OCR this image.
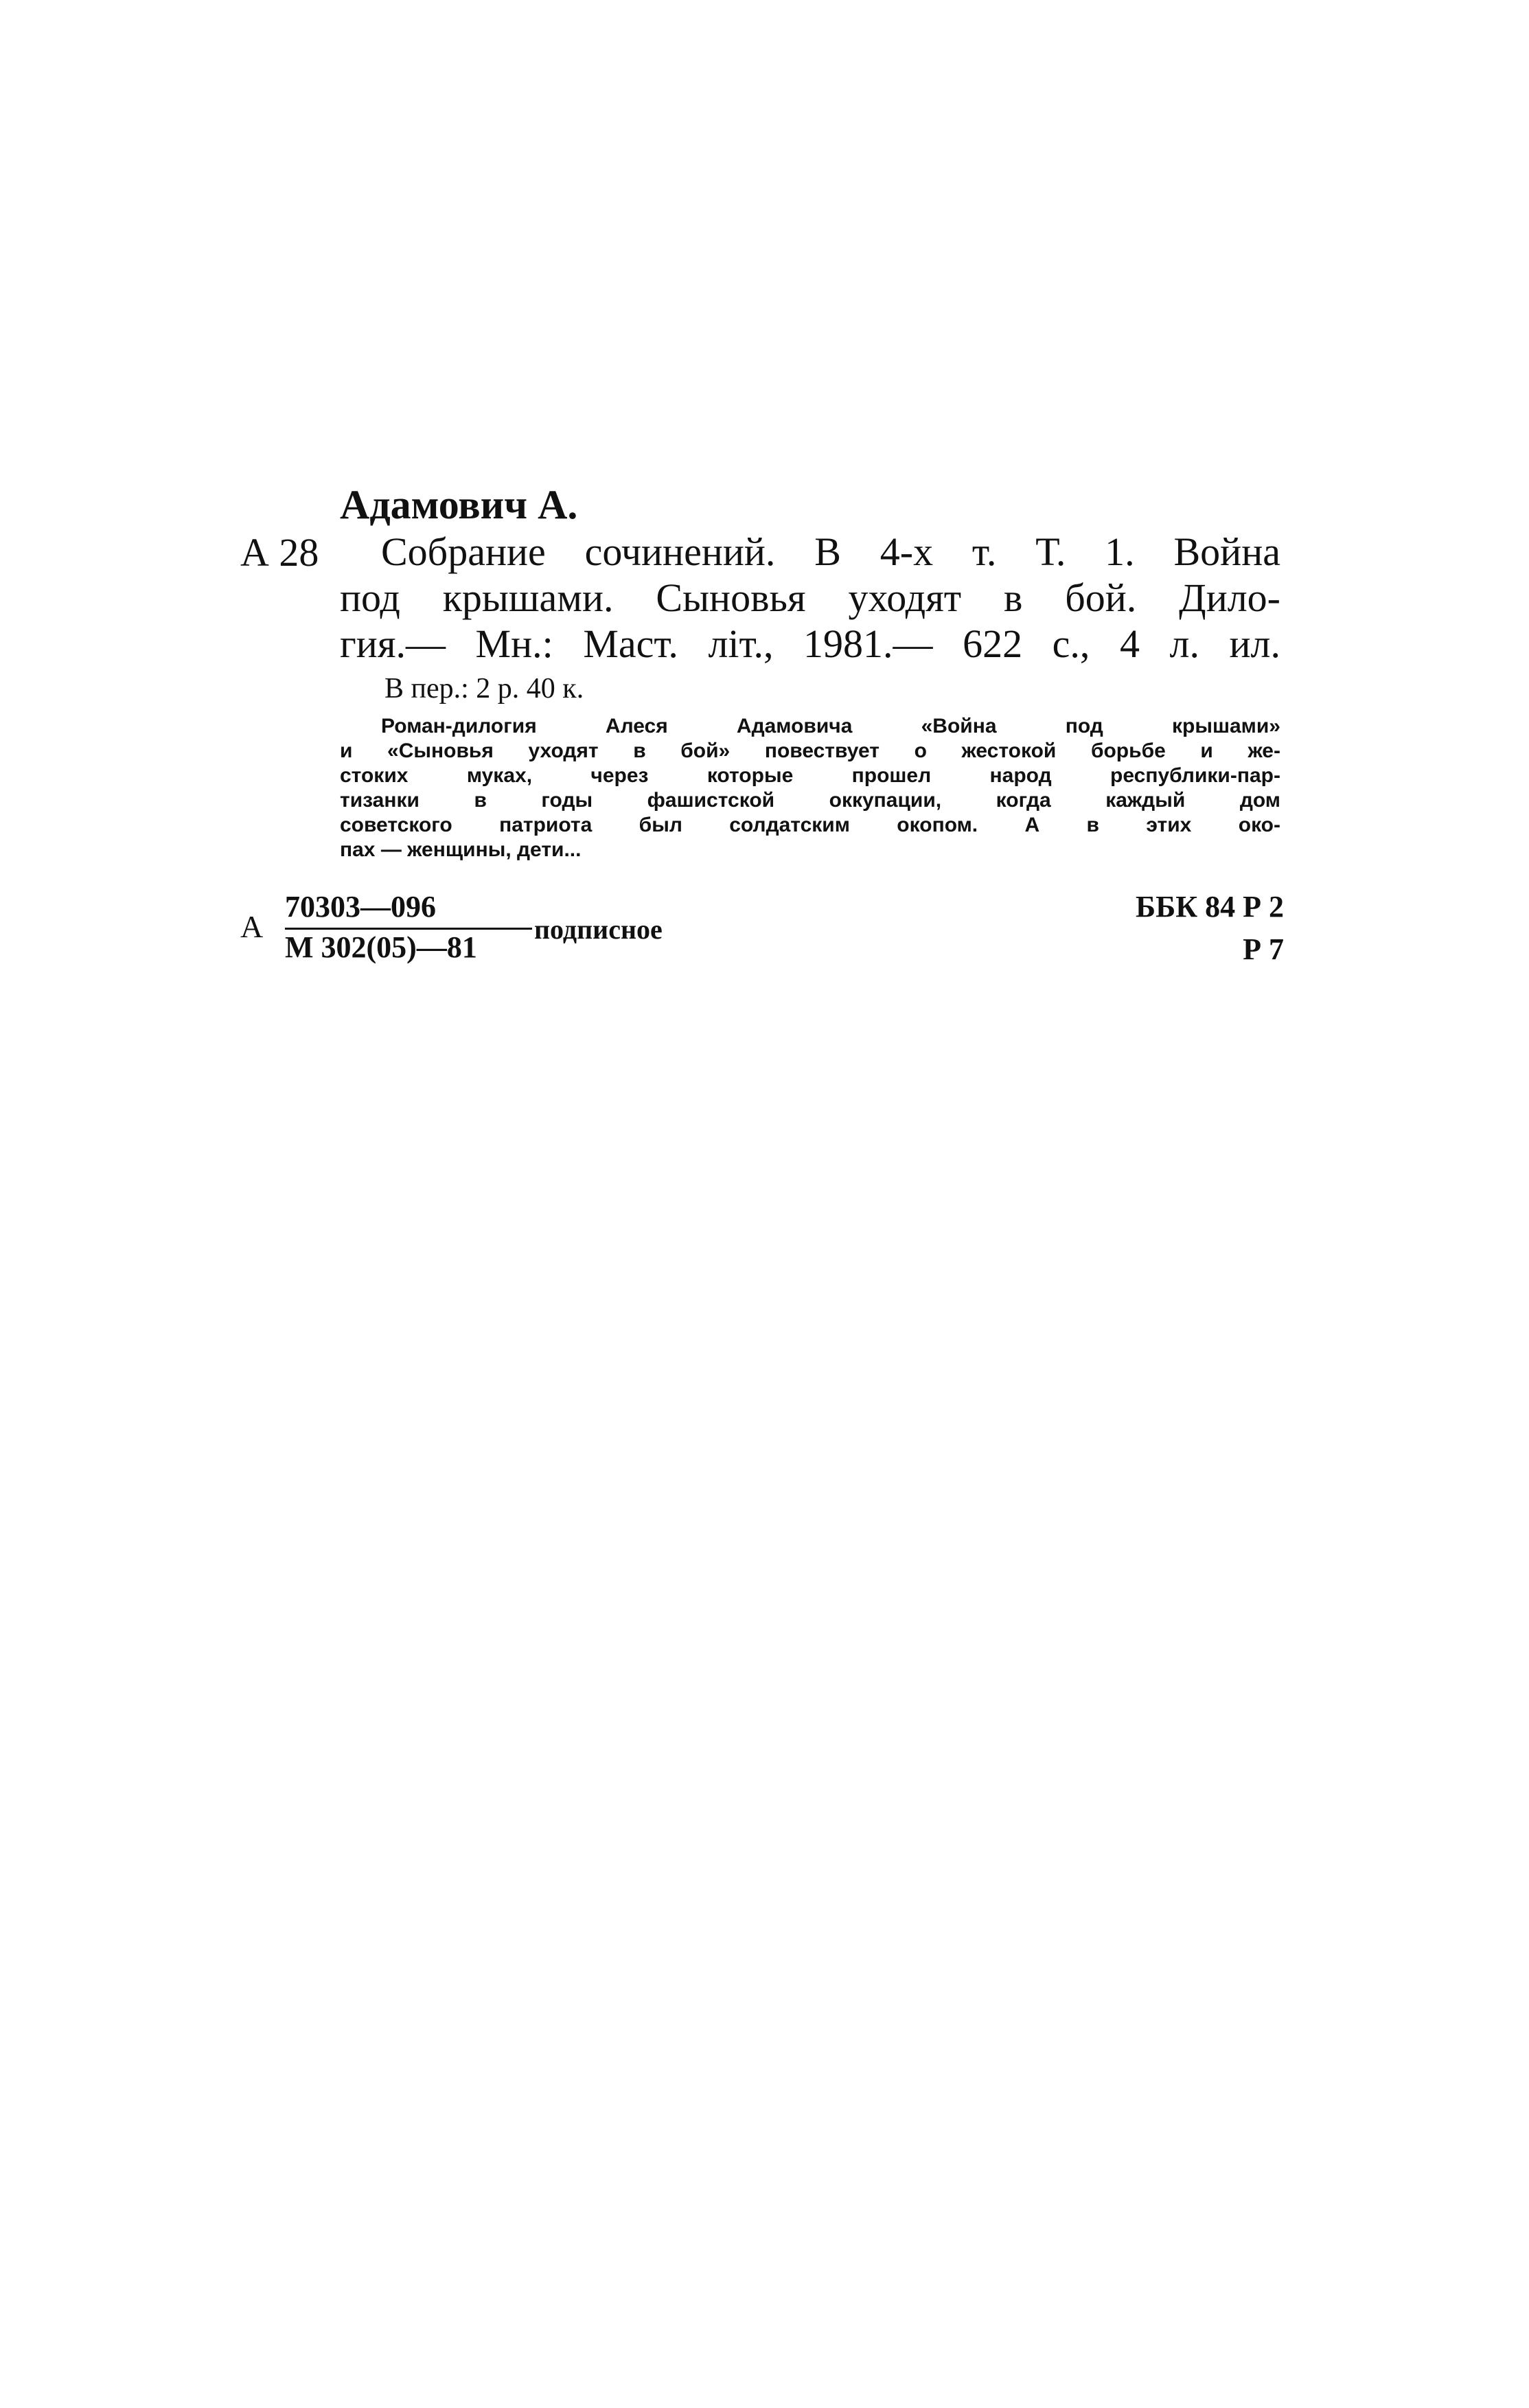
Адамович А.
А 28	Собрание сочинений. В 4-х т. Т. 1. Война
под крышами. Сыновья уходят в бой. Дило-
гия.— Мн.: Маст. літ., 1981.— 622 с., 4 л. ил.
В пер.: 2 р. 40 к.
Роман-дилогия Алеся Адамовича «Война под крышами»
и «Сыновья уходят в бой» повествует о жестокой борьбе и же-
стоких муках, через которые прошел народ республики-пар-
тизанки в годы фашистской оккупации, когда каждый дом
советского патриота был солдатским окопом. А в этих око-
пах — женщины, дети...
А
70303—096
М 302(05)—81
подписное
ББК 84 Р 2
Р 7
